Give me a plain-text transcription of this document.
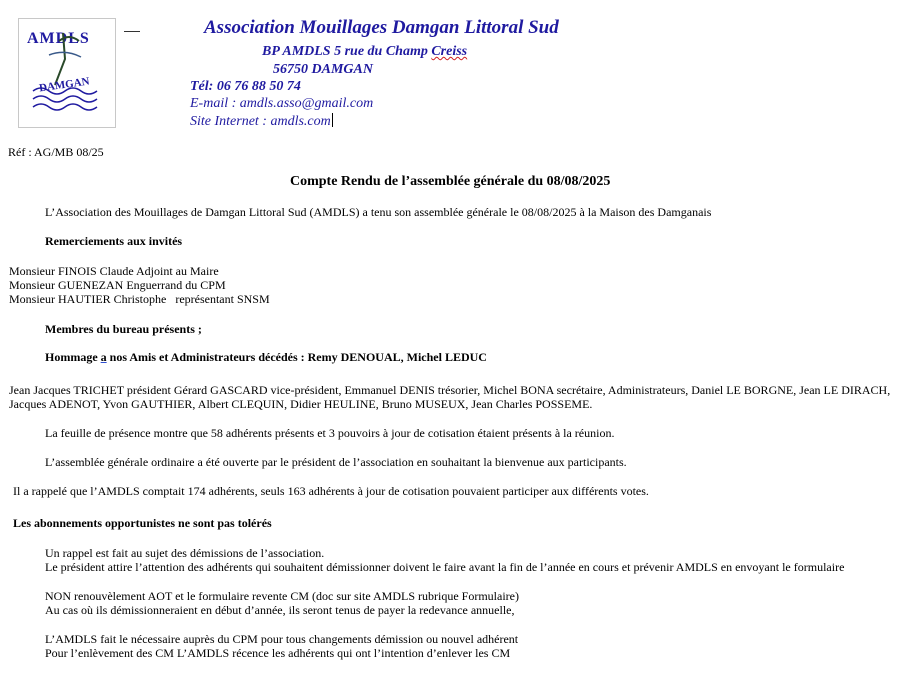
AMDLS
DAMGAN
Association Mouillages Damgan Littoral Sud
BP AMDLS 5 rue du Champ Creiss
56750 DAMGAN
Tél: 06 76 88 50 74
E-mail : amdls.asso@gmail.com
Site Internet : amdls.com
Réf : AG/MB 08/25
Compte Rendu de l’assemblée générale du 08/08/2025
L’Association des Mouillages de Damgan Littoral Sud (AMDLS) a tenu son assemblée générale le 08/08/2025 à la Maison des Damganais
Remerciements aux invités
Monsieur FINOIS Claude Adjoint au Maire
Monsieur GUENEZAN Enguerrand du CPM
Monsieur HAUTIER Christophe   représentant SNSM
Membres du bureau présents ;
Hommage a nos Amis et Administrateurs décédés : Remy DENOUAL, Michel LEDUC
Jean Jacques TRICHET président Gérard GASCARD vice-président, Emmanuel DENIS trésorier, Michel BONA secrétaire, Administrateurs, Daniel LE BORGNE, Jean LE DIRACH,
Jacques ADENOT, Yvon GAUTHIER, Albert CLEQUIN, Didier HEULINE, Bruno MUSEUX, Jean Charles POSSEME.
La feuille de présence montre que 58 adhérents présents et 3 pouvoirs à jour de cotisation étaient présents à la réunion.
L’assemblée générale ordinaire a été ouverte par le président de l’association en souhaitant la bienvenue aux participants.
Il a rappelé que l’AMDLS comptait 174 adhérents, seuls 163 adhérents à jour de cotisation pouvaient participer aux différents votes.
Les abonnements opportunistes ne sont pas tolérés
Un rappel est fait au sujet des démissions de l’association.
Le président attire l’attention des adhérents qui souhaitent démissionner doivent le faire avant la fin de l’année en cours et prévenir AMDLS en envoyant le formulaire
NON renouvèlement AOT et le formulaire revente CM (doc sur site AMDLS rubrique Formulaire)
Au cas où ils démissionneraient en début d’année, ils seront tenus de payer la redevance annuelle,
L’AMDLS fait le nécessaire auprès du CPM pour tous changements démission ou nouvel adhérent
Pour l’enlèvement des CM L’AMDLS récence les adhérents qui ont l’intention d’enlever les CM
